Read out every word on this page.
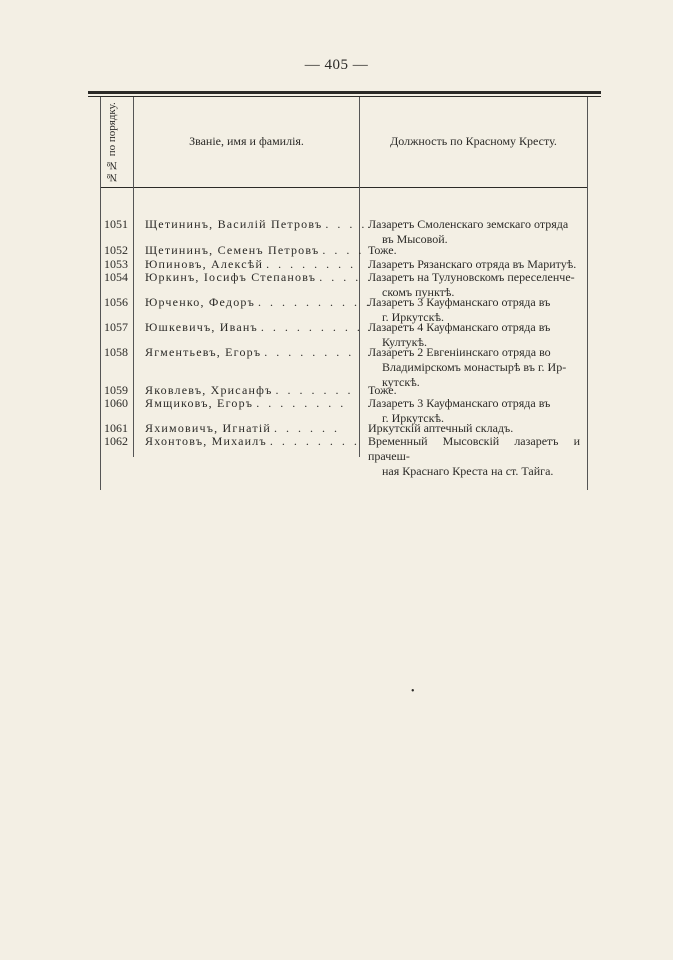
— 405 —
№№ по порядку.	Званіе, имя и фамилія.	Должность по Красному Кресту.
1051	Щетининъ, Василій Петровъ . . . . Лазаретъ Смоленскаго земскаго отряда
въ Мысовой.
1052	Щетининъ, Семенъ Петровъ . . . . Тоже.
1053	Юпиновъ, Алексѣй . . . . . . . . Лазаретъ Рязанскаго отряда въ Маритуѣ.
1054	Юркинъ, Іосифъ Степановъ . . . . Лазаретъ на Тулуновскомъ переселенче-
скомъ пунктѣ.
1056	Юрченко, Федоръ . . . . . . . . . .
Лазаретъ 3 Кауфманскаго отряда въ
г. Иркутскѣ.
1057	Юшкевичъ, Иванъ . . . . . . . . . Лазаретъ 4 Кауфманскаго отряда въ
Култукѣ.
1058	Ягментьевъ, Егоръ . . . . . . . . Лазаретъ 2 Евгеніинскаго отряда во
Владимірскомъ монастырѣ въ г. Ир-
кутскѣ.
1059	Яковлевъ, Хрисанфъ . . . . . . . Тоже.
1060	Ямщиковъ, Егоръ . . . . . . . .	Лазаретъ 3 Кауфманскаго отряда въ
г. Иркутскѣ.
1061	Яхимовичъ, Игнатій . . . . . .	Иркутскій аптечный складъ.
1062	Яхонтовъ, Михаилъ . . . . . . . . Временный Мысовскій лазаретъ и прачеш-
ная Краснаго Креста на ст. Тайга.
•
